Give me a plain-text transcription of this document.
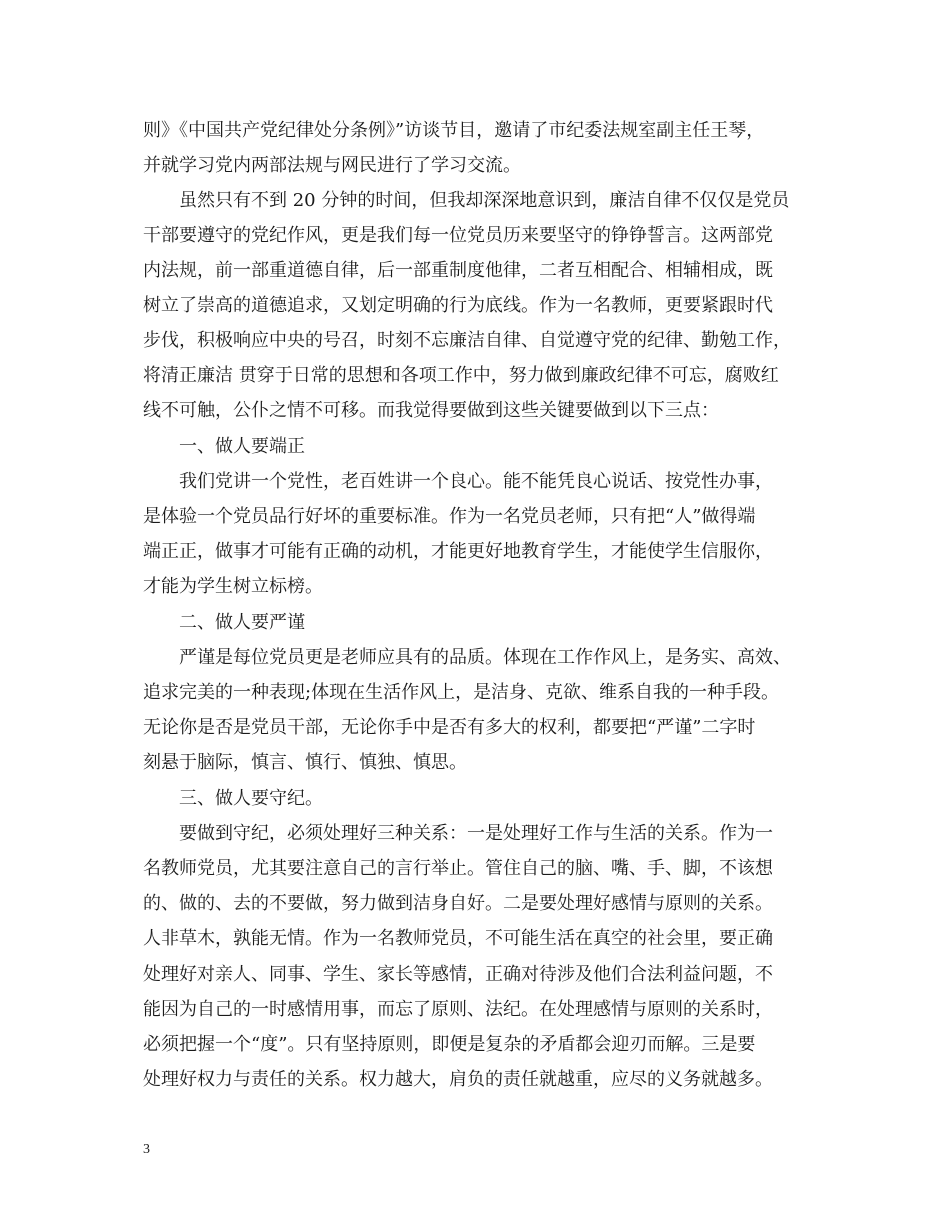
则》《中国共产党纪律处分条例》”访谈节目，邀请了市纪委法规室副主任王琴，
并就学习党内两部法规与网民进行了学习交流。
　　虽然只有不到 20 分钟的时间，但我却深深地意识到，廉洁自律不仅仅是党员
干部要遵守的党纪作风，更是我们每一位党员历来要坚守的铮铮誓言。这两部党
内法规，前一部重道德自律，后一部重制度他律，二者互相配合、相辅相成，既
树立了崇高的道德追求，又划定明确的行为底线。作为一名教师，更要紧跟时代
步伐，积极响应中央的号召，时刻不忘廉洁自律、自觉遵守党的纪律、勤勉工作，
将清正廉洁 贯穿于日常的思想和各项工作中，努力做到廉政纪律不可忘，腐败红
线不可触，公仆之情不可移。而我觉得要做到这些关键要做到以下三点：
　　一、做人要端正
　　我们党讲一个党性，老百姓讲一个良心。能不能凭良心说话、按党性办事，
是体验一个党员品行好坏的重要标准。作为一名党员老师，只有把“人”做得端
端正正，做事才可能有正确的动机，才能更好地教育学生，才能使学生信服你，
才能为学生树立标榜。
　　二、做人要严谨
　　严谨是每位党员更是老师应具有的品质。体现在工作作风上，是务实、高效、
追求完美的一种表现;体现在生活作风上，是洁身、克欲、维系自我的一种手段。
无论你是否是党员干部，无论你手中是否有多大的权利，都要把“严谨”二字时
刻悬于脑际，慎言、慎行、慎独、慎思。
　　三、做人要守纪。
　　要做到守纪，必须处理好三种关系：一是处理好工作与生活的关系。作为一
名教师党员，尤其要注意自己的言行举止。管住自己的脑、嘴、手、脚，不该想
的、做的、去的不要做，努力做到洁身自好。二是要处理好感情与原则的关系。
人非草木，孰能无情。作为一名教师党员，不可能生活在真空的社会里，要正确
处理好对亲人、同事、学生、家长等感情，正确对待涉及他们合法利益问题，不
能因为自己的一时感情用事，而忘了原则、法纪。在处理感情与原则的关系时，
必须把握一个“度”。只有坚持原则，即便是复杂的矛盾都会迎刃而解。三是要
处理好权力与责任的关系。权力越大，肩负的责任就越重，应尽的义务就越多。
3
